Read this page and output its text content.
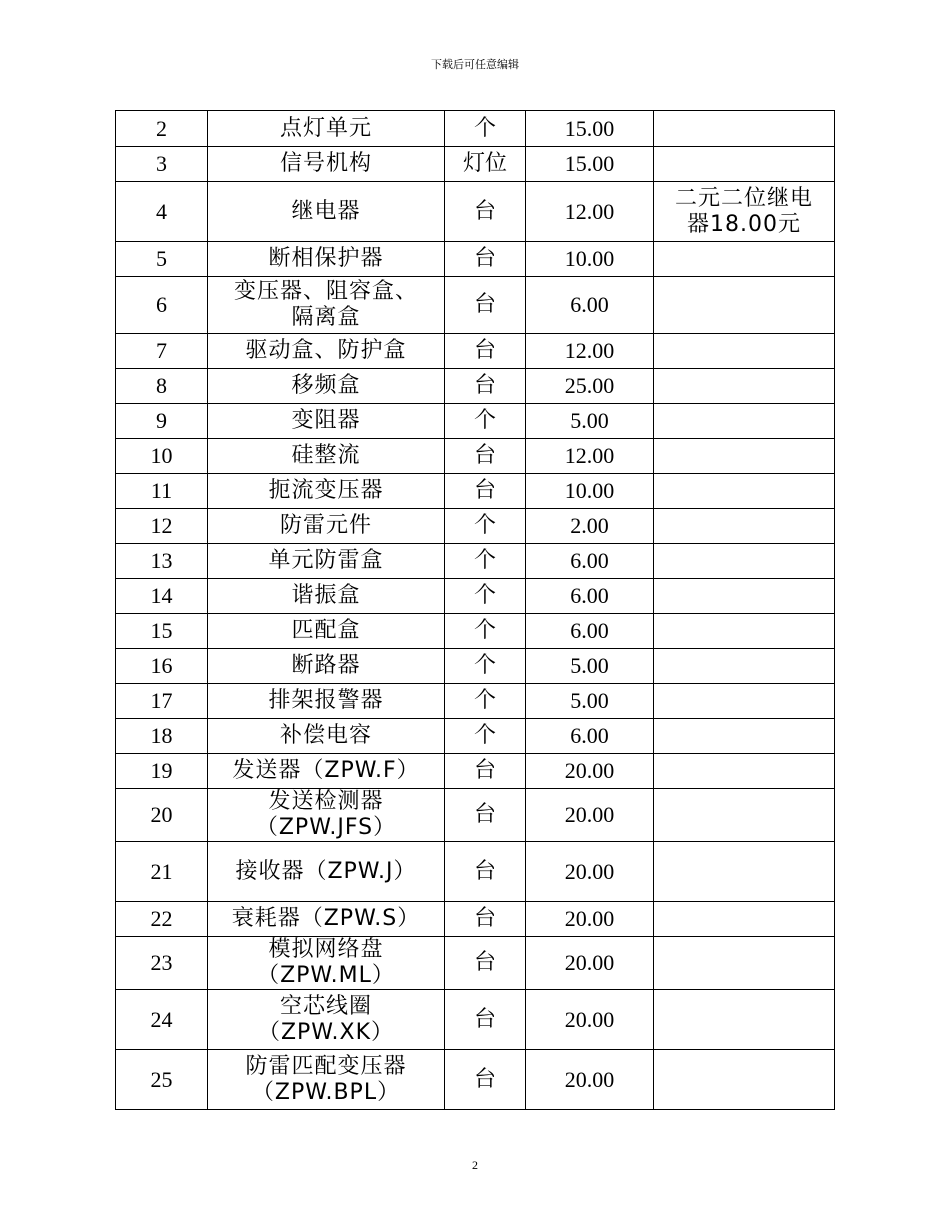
下载后可任意编辑
2	点灯单元	个	15.00	
3	信号机构	灯位	15.00	
4	继电器	台	12.00	二元二位继电
器18.00元

5	断相保护器	台	10.00	
6	变压器、阻容盒、
隔离盒	台	6.00	
7	驱动盒、防护盒	台	12.00	
8	移频盒	台	25.00	
9	变阻器	个	5.00	
10	硅整流	台	12.00	
11	扼流变压器	台	10.00	
12	防雷元件	个	2.00	
13	单元防雷盒	个	6.00	
14	谐振盒	个	6.00	
15	匹配盒	个	6.00	
16	断路器	个	5.00	
17	排架报警器	个	5.00	
18	补偿电容	个	6.00	
19	发送器（ZPW.F）	台	20.00	
20	发送检测器
（ZPW.JFS）	台	20.00	
21	接收器（ZPW.J）	台	20.00	
22	衰耗器（ZPW.S）	台	20.00	
23	模拟网络盘
（ZPW.ML）	台	20.00	
24	空芯线圈
（ZPW.XK）	台	20.00	
25	防雷匹配变压器
（ZPW.BPL）	台	20.00	
2
